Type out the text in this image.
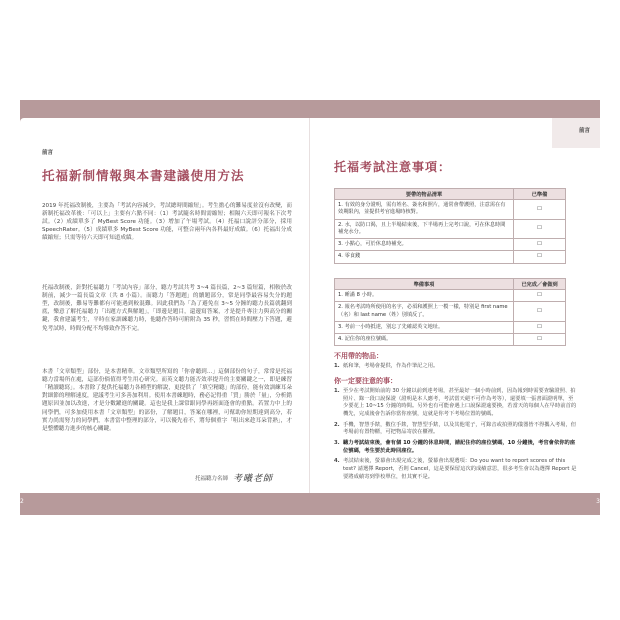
前言
托福新制情報與本書建議使用方法

2019 年托福改制後，主要為「考試內容減少，考試總時間縮短」。考生擔心的難易度並沒有改變，而新制托福改革後：「可以上」主要有六點不同：（1）考試隨名時間需縮短；相隔六天即可報名下次考試。（2）成績單多了 MyBest Score 功能。（3）增加了午場考試。（4）托福口說評分部分，採用 SpeechRater。（5）成績單多 MyBest Score 功能，可整合兩年內各科最好成績。（6）托福出分成績縮短；只需等待六天即可知道成績。

托福改制後，針對托福聽力「考試內容」部分，聽力考試共考 3~4 篇長篇，2~3 篇短篇，相較於改制前，減少一篇長篇文章（共 8 小篇）。而聽力「答題題」的續題部分，常是同學最容易失分的題型，改制後，難易等難都有可能遇到較混難。因此我們為「為了避免在 3~5 分鐘的聽力長篇就翻到底，樂意了解托福聽力「出題方式與解題」，「即邊是題目，還邊寫答案，才是提升專注力與高分的關鍵，我會建議考生，平時在家訓練聽力時，他聽作答時可附附為 35 秒，習慣在時間壓力下答題，避免考試時，時間分配不均導致作答不完。

本書「文章類型」部份，是本書精華。文章類型所寫的「你會聽到…」這個部份的句子，常常是托福聽力當場所在處，這部份倘值得考生用心研究。而英文聽力能否效率提升的主要關鍵之一，即是練習「精讀聽寫」。本書除了提供托福聽力各種型的解說，更提供了「填空精聽」的部份，能有效訓練耳朵對細節的理解速度，建議考生可多善加利用。使用本書練題時，務必記得重「質」勝於「量」，分析錯題原因並加以改進，才是分數躍進的關鍵。這也是我上課常跟同學再經面逢會的重點。若置力中上的同學們，可多加使用本書「文章類型」的部份，了解題目，答案在哪裡，可幫助你短期達到高分，若實力尚需努力的同學們，本書當中整理的部分，可以優先看不，將每個重字「咀出來趁耳朵背熟」，才是整體聽力進步的核心關鍵。

托福聽力名師 考曦老師
前言
托福考試注意事項：
要帶的物品清單	已準備
1. 有效的身分證明，需有姓名、簽名和照片，通常會帶護照，注意需在有效期限內，並提供考官進場時核對。	☐
2. 水，以防口渴，且上半場結束後，下半場再上完考口說，可在休息時間補充水分。	☐
3. 小點心，可於休息時補充。	☐
4. 零食錢	☐
準備事項	已完成／會做到
1. 睡滿 8 小時。	☐
2. 報名考試時所使用的名字，必須和護照上一模一樣，特別是 first name（名）和 last name（姓）別填反了。	☐
3. 考前一小時抵達，別忘了先確認英文地址。	☐
4. 記住你的座位號碼。	☐
不用帶的物品：
1. 紙和筆，考場會提供，作為作筆記之用。
你一定要注意的事：
1. 至少在考試開始前的 30 分鐘以前到達考場，甚至最好一個小時前到，因為報到時需要查驗證照、拍照片、錄一段口說保證（證明是本人應考，考試當天絕不可作為考等），還要填一張書面證明單，至少要花上 10~15 分鐘的時間。另外也有可能會遇上口說保證逾要換，若當天的每個人在早時前首的機先，完成後會告訴你當你座號，這就是你考下考場位置的號碼。
2. 手機，智慧手錶，數位手錶，智慧型手錶，以及其他電子，可錄音或拍照的儀器皆不得攜入考場，但考場前有置物櫃，可把物品寄放在櫃裡。
3. 聽力考試結束後，會有個 10 分鐘的休息時間，請記住你的座位號碼，10 分鐘後，考官會依你的座位號碼，考生要於此時回座位。
4. 考試結束後，螢幕會出現完成之後，螢幕會出現選項：Do you want to report scores of this test? 請選擇 Report，否則 Cancel，這是要保留這次的成績意思，很多考生會以為選擇 Report 是要將成績寄到學校單位，但其實不是。
2	3
